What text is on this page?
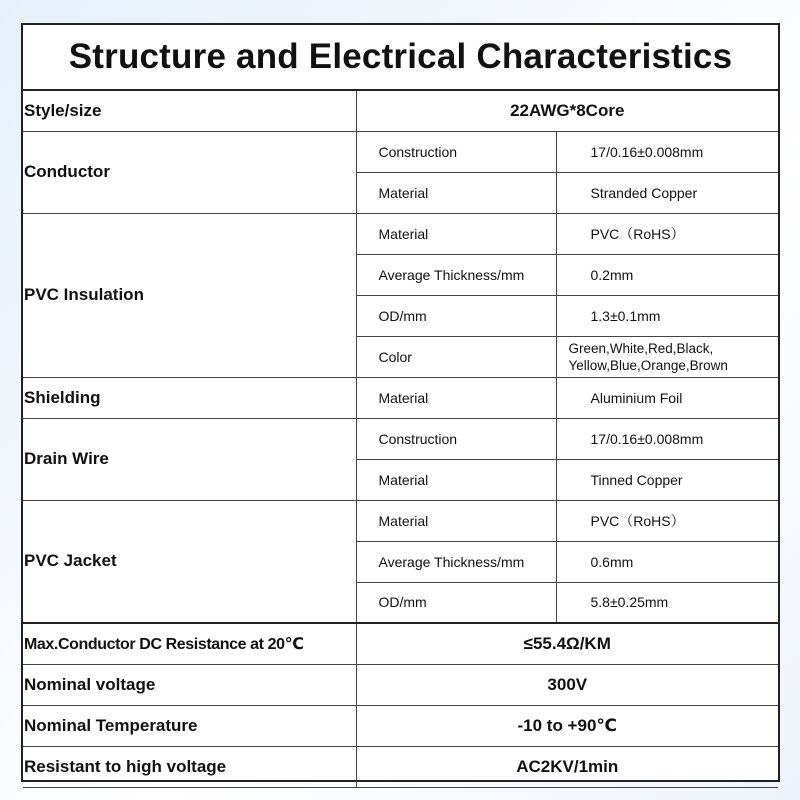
Structure and Electrical Characteristics
Style/size	22AWG*8Core	
Conductor	Construction	17/0.16±0.008mm
	Material	Stranded Copper
PVC Insulation	Material	PVC（RoHS）
	Average Thickness/mm	0.2mm
	OD/mm	1.3±0.1mm
	Color	Green,White,Red,Black,
Yellow,Blue,Orange,Brown

Shielding	Material	Aluminium Foil
Drain Wire	Construction	17/0.16±0.008mm
	Material	Tinned Copper
PVC Jacket	Material	PVC（RoHS）
	Average Thickness/mm	0.6mm
	OD/mm	5.8±0.25mm
Max.Conductor DC Resistance at 20℃	≤55.4Ω/KM	
Nominal voltage	300V	
Nominal Temperature	-10 to +90℃	
Resistant to high voltage	AC2KV/1min	
